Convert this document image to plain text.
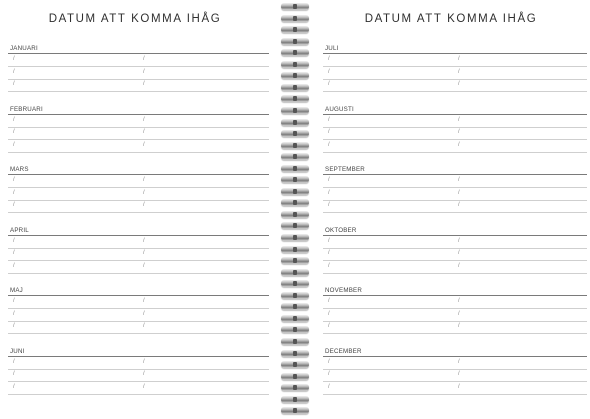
DATUM ATT KOMMA IHÅG
JANUARI
/	/
/	/
/	/
FEBRUARI
/	/
/	/
/	/
MARS
/	/
/	/
/	/
APRIL
/	/
/	/
/	/
MAJ
/	/
/	/
/	/
JUNI
/	/
/	/
/	/
DATUM ATT KOMMA IHÅG
JULI
/	/
/	/
/	/
AUGUSTI
/	/
/	/
/	/
SEPTEMBER
/	/
/	/
/	/
OKTOBER
/	/
/	/
/	/
NOVEMBER
/	/
/	/
/	/
DECEMBER
/	/
/	/
/	/
